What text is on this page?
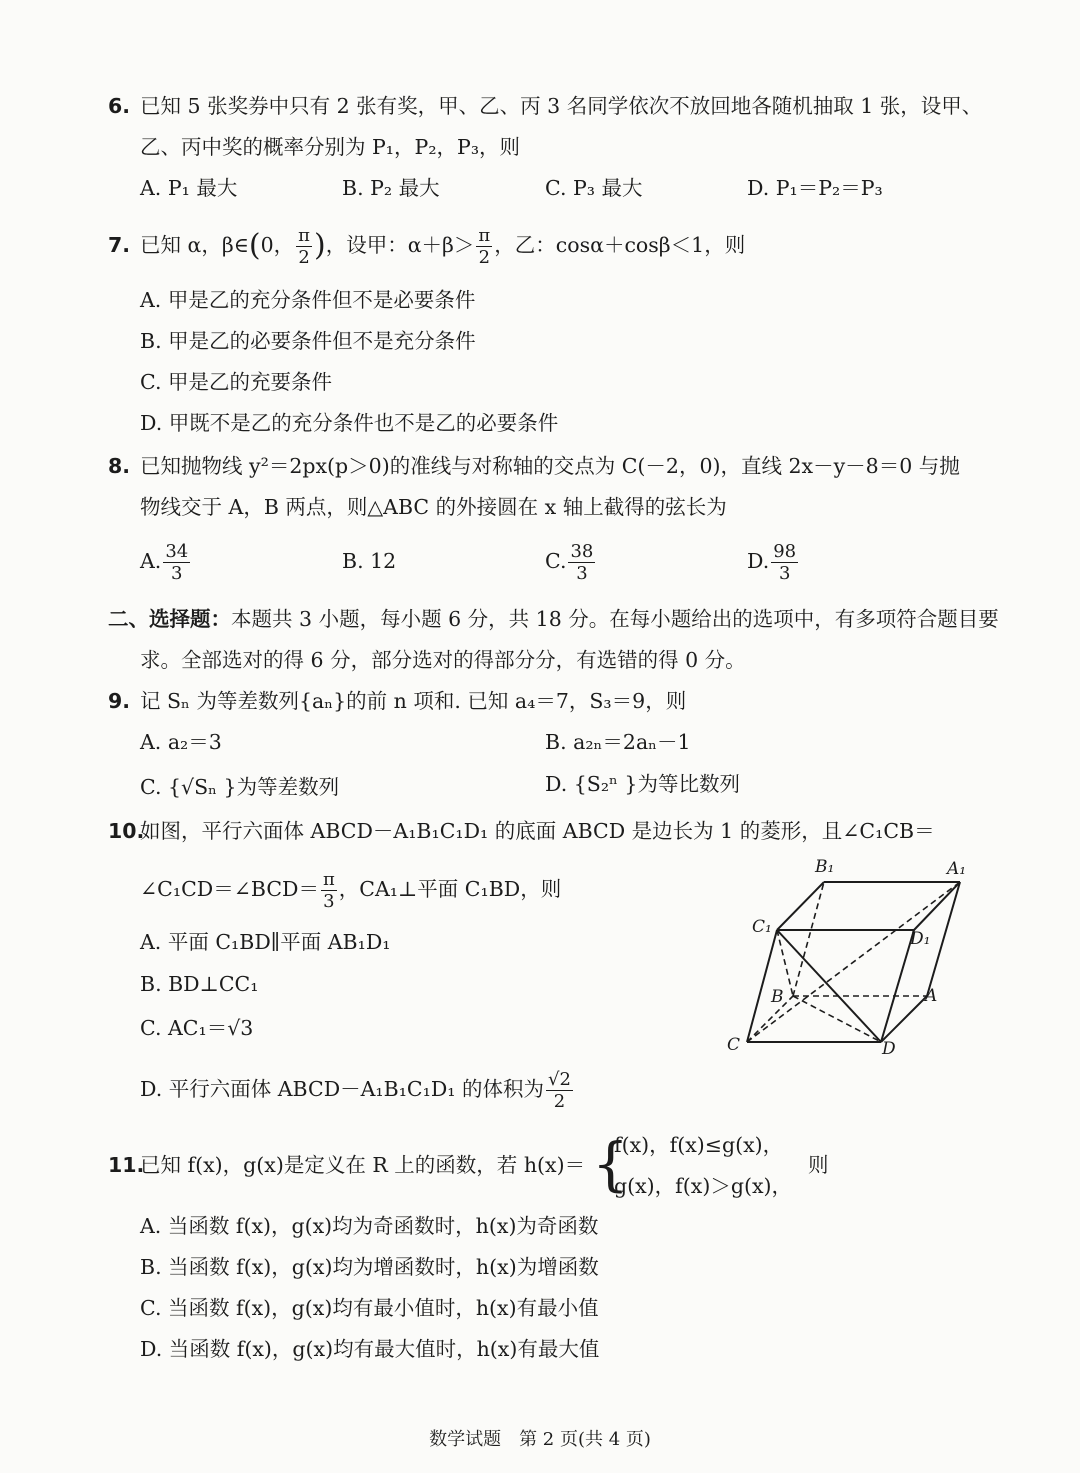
6. 已知 5 张奖券中只有 2 张有奖，甲、乙、丙 3 名同学依次不放回地各随机抽取 1 张，设甲、
乙、丙中奖的概率分别为 P₁，P₂，P₃，则
A. P₁ 最大	B. P₂ 最大	C. P₃ 最大	D. P₁＝P₂＝P₃
7. 已知 α，β∈(0， $\frac{\pi}{2}$ )，设甲：$\alpha+\beta> \frac{\pi}{2}$ ，乙：cosα＋cosβ＜1，则
A. 甲是乙的充分条件但不是必要条件
B. 甲是乙的必要条件但不是充分条件
C. 甲是乙的充要条件
D. 甲既不是乙的充分条件也不是乙的必要条件
8. 已知抛物线 y²＝2px(p＞0)的准线与对称轴的交点为 C(－2，0)，直线 2x－y－8＝0 与抛
物线交于 A，B 两点，则△ABC 的外接圆在 x 轴上截得的弦长为
A. $\frac{34}{3}$	B. 12	C. $\frac{38}{3}$	D. $\frac{98}{3}$
二、选择题：本题共 3 小题，每小题 6 分，共 18 分。在每小题给出的选项中，有多项符合题目要
求。全部选对的得 6 分，部分选对的得部分分，有选错的得 0 分。
9. 记 Sₙ 为等差数列{aₙ}的前 n 项和. 已知 a₄＝7，S₃＝9，则
A. a₂＝3	B. a₂ₙ＝2aₙ－1
C. {√Sₙ }为等差数列	D. {S₂ⁿ }为等比数列
10.
如图，平行六面体 ABCD－A₁B₁C₁D₁ 的底面 ABCD 是边长为 1 的菱形，且∠C₁CB＝
∠C₁CD＝∠BCD＝ $\frac{\pi}{3}$ ，CA₁⊥平面 C₁BD，则
A. 平面 C₁BD∥平面 AB₁D₁
B. BD⊥CC₁
C. AC₁＝√3
D. 平行六面体 ABCD－A₁B₁C₁D₁ 的体积为 $\frac{√2}{2}$
B₁	A₁
C₁
D₁
B	A
C	D
11.
已知 f(x)，g(x)是定义在 R 上的函数，若 h(x)＝ {
f(x)，f(x)≤g(x)，
g(x)，f(x)＞g(x)，
则
A. 当函数 f(x)，g(x)均为奇函数时，h(x)为奇函数
B. 当函数 f(x)，g(x)均为增函数时，h(x)为增函数
C. 当函数 f(x)，g(x)均有最小值时，h(x)有最小值
D. 当函数 f(x)，g(x)均有最大值时，h(x)有最大值
数学试题　第 2 页(共 4 页)
